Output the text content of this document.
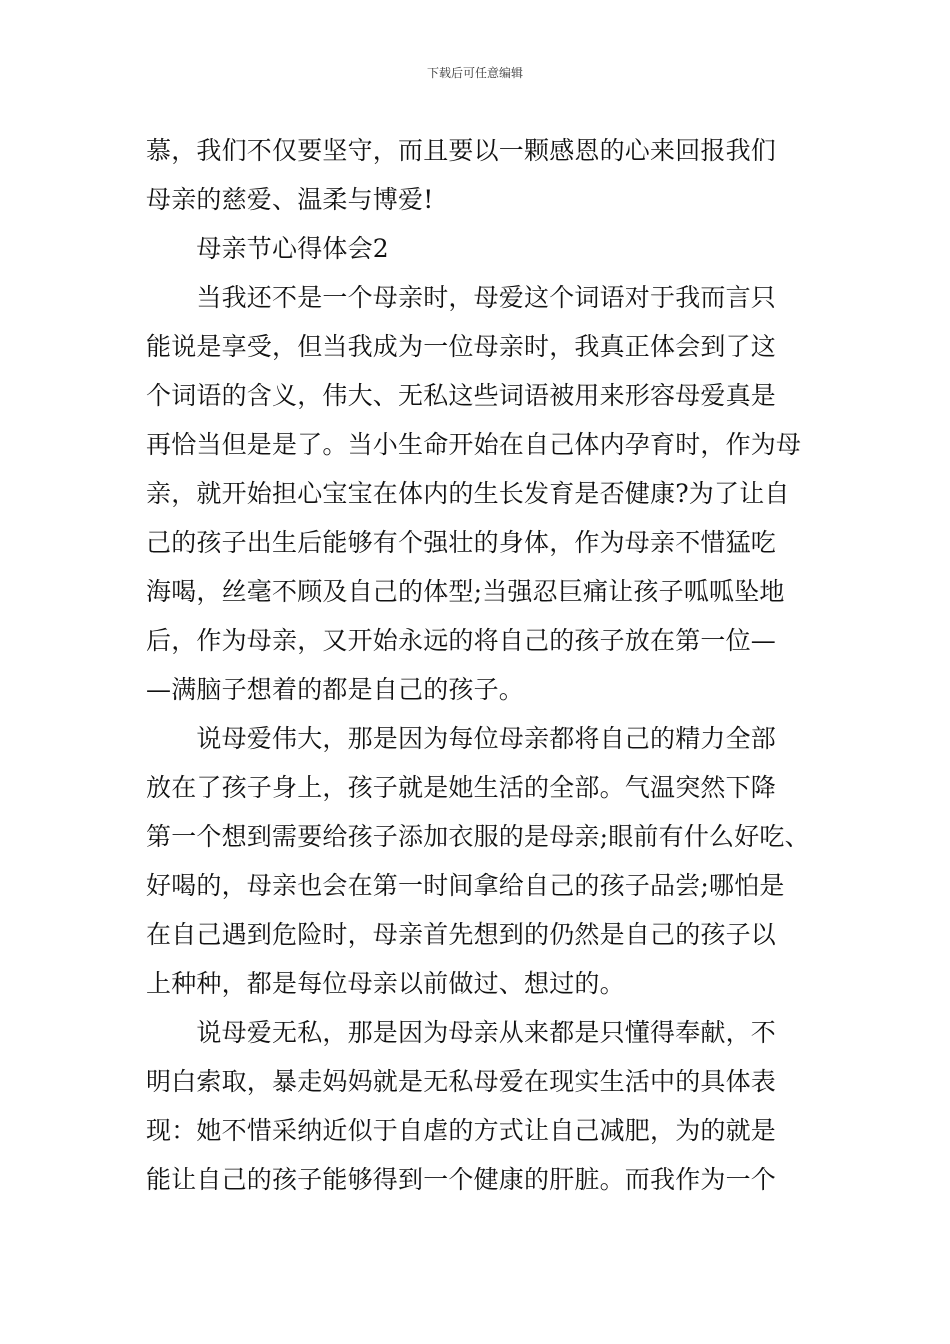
下载后可任意编辑
慕，我们不仅要坚守，而且要以一颗感恩的心来回报我们
母亲的慈爱、温柔与博爱!
　　母亲节心得体会2
　　当我还不是一个母亲时，母爱这个词语对于我而言只
能说是享受，但当我成为一位母亲时，我真正体会到了这
个词语的含义，伟大、无私这些词语被用来形容母爱真是
再恰当但是是了。当小生命开始在自己体内孕育时，作为母
亲，就开始担心宝宝在体内的生长发育是否健康?为了让自
己的孩子出生后能够有个强壮的身体，作为母亲不惜猛吃
海喝，丝毫不顾及自己的体型;当强忍巨痛让孩子呱呱坠地
后，作为母亲，又开始永远的将自己的孩子放在第一位—
—满脑子想着的都是自己的孩子。
　　说母爱伟大，那是因为每位母亲都将自己的精力全部
放在了孩子身上，孩子就是她生活的全部。气温突然下降
第一个想到需要给孩子添加衣服的是母亲;眼前有什么好吃、
好喝的，母亲也会在第一时间拿给自己的孩子品尝;哪怕是
在自己遇到危险时，母亲首先想到的仍然是自己的孩子以
上种种，都是每位母亲以前做过、想过的。
　　说母爱无私，那是因为母亲从来都是只懂得奉献，不
明白索取，暴走妈妈就是无私母爱在现实生活中的具体表
现：她不惜采纳近似于自虐的方式让自己减肥，为的就是
能让自己的孩子能够得到一个健康的肝脏。而我作为一个
